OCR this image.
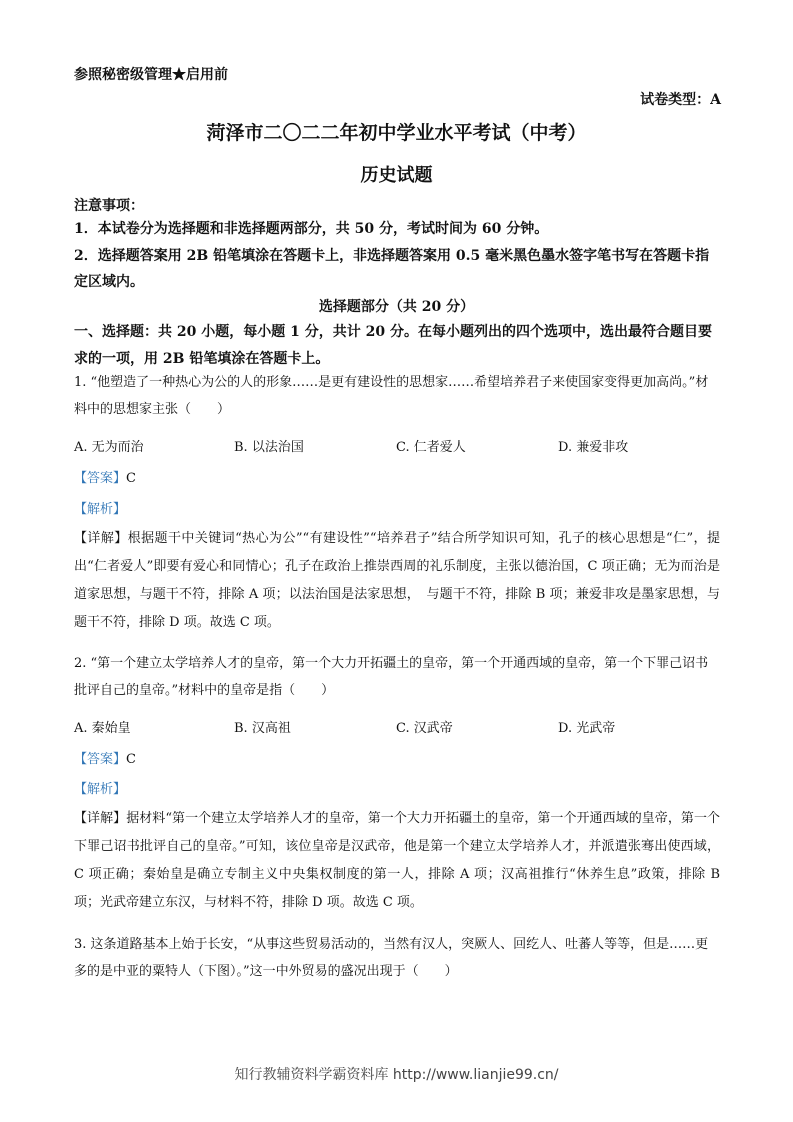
参照秘密级管理★启用前

试卷类型：A
菏泽市二〇二二年初中学业水平考试（中考）
历史试题

注意事项：

1．本试卷分为选择题和非选择题两部分，共 50 分，考试时间为 60 分钟。

2．选择题答案用 2B 铅笔填涂在答题卡上，非选择题答案用 0.5 毫米黑色墨水签字笔书写在答题卡指定区域内。

选择题部分（共 20 分）

一、选择题：共 20 小题，每小题 1 分，共计 20 分。在每小题列出的四个选项中，选出最符合题目要求的一项，用 2B 铅笔填涂在答题卡上。

1. “他塑造了一种热心为公的人的形象……是更有建设性的思想家……希望培养君子来使国家变得更加高尚。”材料中的思想家主张（　　）

A. 无为而治	B. 以法治国	C. 仁者爱人	D. 兼爱非攻

【答案】C

【解析】

【详解】根据题干中关键词“热心为公”“有建设性”“培养君子”结合所学知识可知，孔子的核心思想是“仁”，提出“仁者爱人”即要有爱心和同情心；孔子在政治上推崇西周的礼乐制度，主张以德治国，C 项正确；无为而治是道家思想，与题干不符，排除 A 项；以法治国是法家思想，　与题干不符，排除 B 项；兼爱非攻是墨家思想，与题干不符，排除 D 项。故选 C 项。

2. “第一个建立太学培养人才的皇帝，第一个大力开拓疆土的皇帝，第一个开通西域的皇帝，第一个下罪己诏书批评自己的皇帝。”材料中的皇帝是指（　　）

A. 秦始皇	B. 汉高祖	C. 汉武帝	D. 光武帝

【答案】C

【解析】

【详解】据材料“第一个建立太学培养人才的皇帝，第一个大力开拓疆土的皇帝，第一个开通西域的皇帝，第一个下罪己诏书批评自己的皇帝。”可知，该位皇帝是汉武帝，他是第一个建立太学培养人才，并派遣张骞出使西域，C 项正确；秦始皇是确立专制主义中央集权制度的第一人，排除 A 项；汉高祖推行“休养生息”政策，排除 B 项；光武帝建立东汉，与材料不符，排除 D 项。故选 C 项。

3. 这条道路基本上始于长安，“从事这些贸易活动的，当然有汉人，突厥人、回纥人、吐蕃人等等，但是……更多的是中亚的粟特人（下图）。”这一中外贸易的盛况出现于（　　）

知行教辅资料学霸资料库 http://www.lianjie99.cn/
